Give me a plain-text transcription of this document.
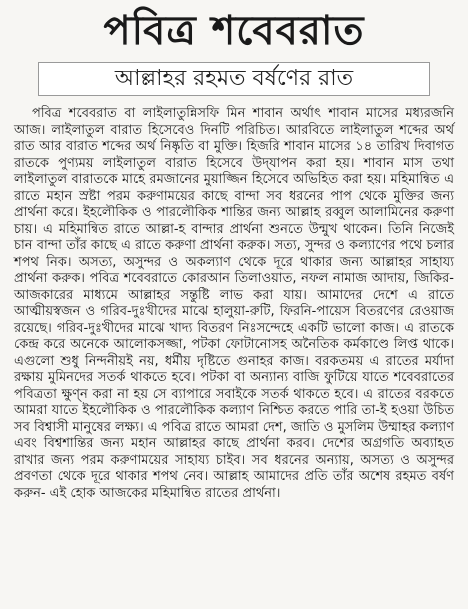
পবিত্র শবেবরাত
আল্লাহর রহমত বর্ষণের রাত

পবিত্র শবেবরাত বা লাইলাতুন্নিসফি মিন শাবান অর্থাৎ শাবান মাসের মধ্যরজনি আজ। লাইলাতুল বারাত হিসেবেও দিনটি পরিচিত। আরবিতে লাইলাতুল শব্দের অর্থ রাত আর বারাত শব্দের অর্থ নিষ্কৃতি বা মুক্তি। হিজরি শাবান মাসের ১৪ তারিখ দিবাগত রাতকে পুণ্যময় লাইলাতুল বারাত হিসেবে উদ্‌যাপন করা হয়। শাবান মাস তথা লাইলাতুল বারাতকে মাহে রমজানের মুয়াজ্জিন হিসেবে অভিহিত করা হয়। মহিমান্বিত এ রাতে মহান স্রষ্টা পরম করুণাময়ের কাছে বান্দা সব ধরনের পাপ থেকে মুক্তির জন্য প্রার্থনা করে। ইহলৌকিক ও পারলৌকিক শান্তির জন্য আল্লাহ রব্বুল আলামিনের করুণা চায়। এ মহিমান্বিত রাতে আল্লা-হ বান্দার প্রার্থনা শুনতে উন্মুখ থাকেন। তিনি নিজেই চান বান্দা তাঁর কাছে এ রাতে করুণা প্রার্থনা করুক। সত্য, সুন্দর ও কল্যাণের পথে চলার শপথ নিক। অসত্য, অসুন্দর ও অকল্যাণ থেকে দূরে থাকার জন্য আল্লাহর সাহায্য প্রার্থনা করুক। পবিত্র শবেবরাতে কোরআন তিলাওয়াত, নফল নামাজ আদায়, জিকির-আজকারের মাধ্যমে আল্লাহর সন্তুষ্টি লাভ করা যায়। আমাদের দেশে এ রাতে আত্মীয়স্বজন ও গরিব-দুঃখীদের মাঝে হালুয়া-রুটি, ফিরনি-পায়েস বিতরণের রেওয়াজ রয়েছে। গরিব-দুঃখীদের মাঝে খাদ্য বিতরণ নিঃসন্দেহে একটি ভালো কাজ। এ রাতকে কেন্দ্র করে অনেকে আলোকসজ্জা, পটকা ফোটানোসহ অনৈতিক কর্মকাণ্ডে লিপ্ত থাকে। এগুলো শুধু নিন্দনীয়ই নয়, ধর্মীয় দৃষ্টিতে গুনাহর কাজ। বরকতময় এ রাতের মর্যাদা রক্ষায় মুমিনদের সতর্ক থাকতে হবে। পটকা বা অন্যান্য বাজি ফুটিয়ে যাতে শবেবরাতের পবিত্রতা ক্ষুণ্ন করা না হয় সে ব্যাপারে সবাইকে সতর্ক থাকতে হবে। এ রাতের বরকতে আমরা যাতে ইহলৌকিক ও পারলৌকিক কল্যাণ নিশ্চিত করতে পারি তা-ই হওয়া উচিত সব বিশ্বাসী মানুষের লক্ষ্য। এ পবিত্র রাতে আমরা দেশ, জাতি ও মুসলিম উম্মাহর কল্যাণ এবং বিশ্বশান্তির জন্য মহান আল্লাহর কাছে প্রার্থনা করব। দেশের অগ্রগতি অব্যাহত রাখার জন্য পরম করুণাময়ের সাহায্য চাইব। সব ধরনের অন্যায়, অসত্য ও অসুন্দর প্রবণতা থেকে দূরে থাকার শপথ নেব। আল্লাহ আমাদের প্রতি তাঁর অশেষ রহমত বর্ষণ করুন- এই হোক আজকের মহিমান্বিত রাতের প্রার্থনা।
